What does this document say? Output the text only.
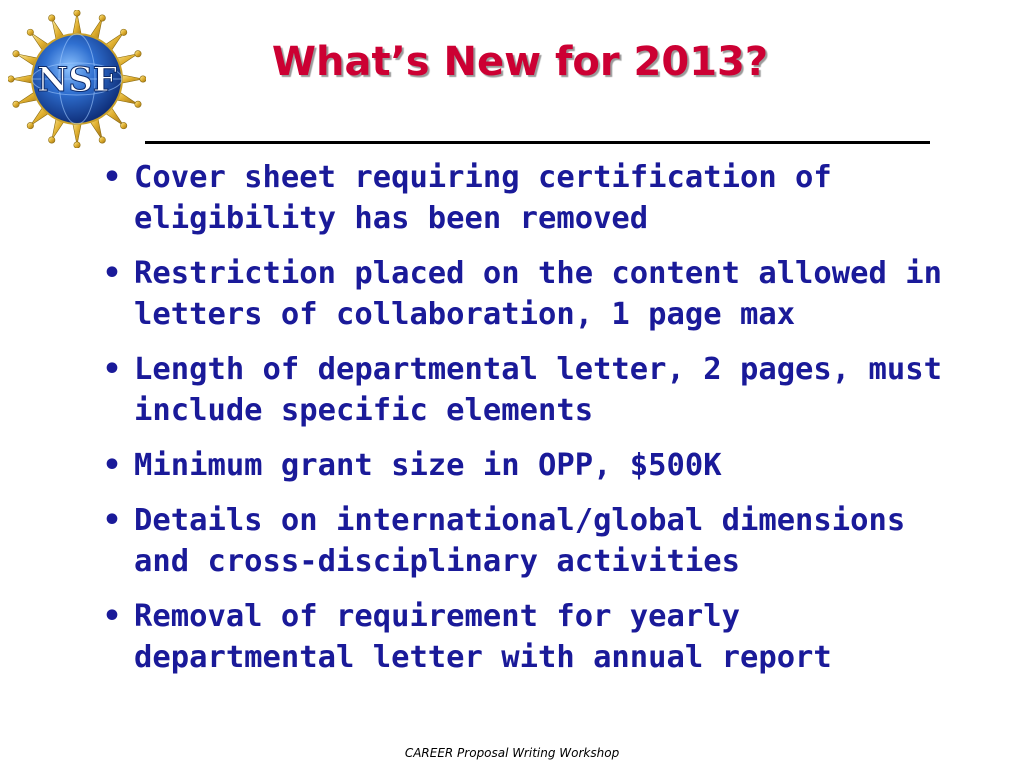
NSF	What’s New for 2013?
• Cover sheet requiring certification of eligibility has been removed
• Restriction placed on the content allowed in letters of collaboration, 1 page max
• Length of departmental letter, 2 pages, must include specific elements
• Minimum grant size in OPP, $500K
• Details on international/global dimensions and cross-disciplinary activities
• Removal of requirement for yearly departmental letter with annual report
CAREER Proposal Writing Workshop
